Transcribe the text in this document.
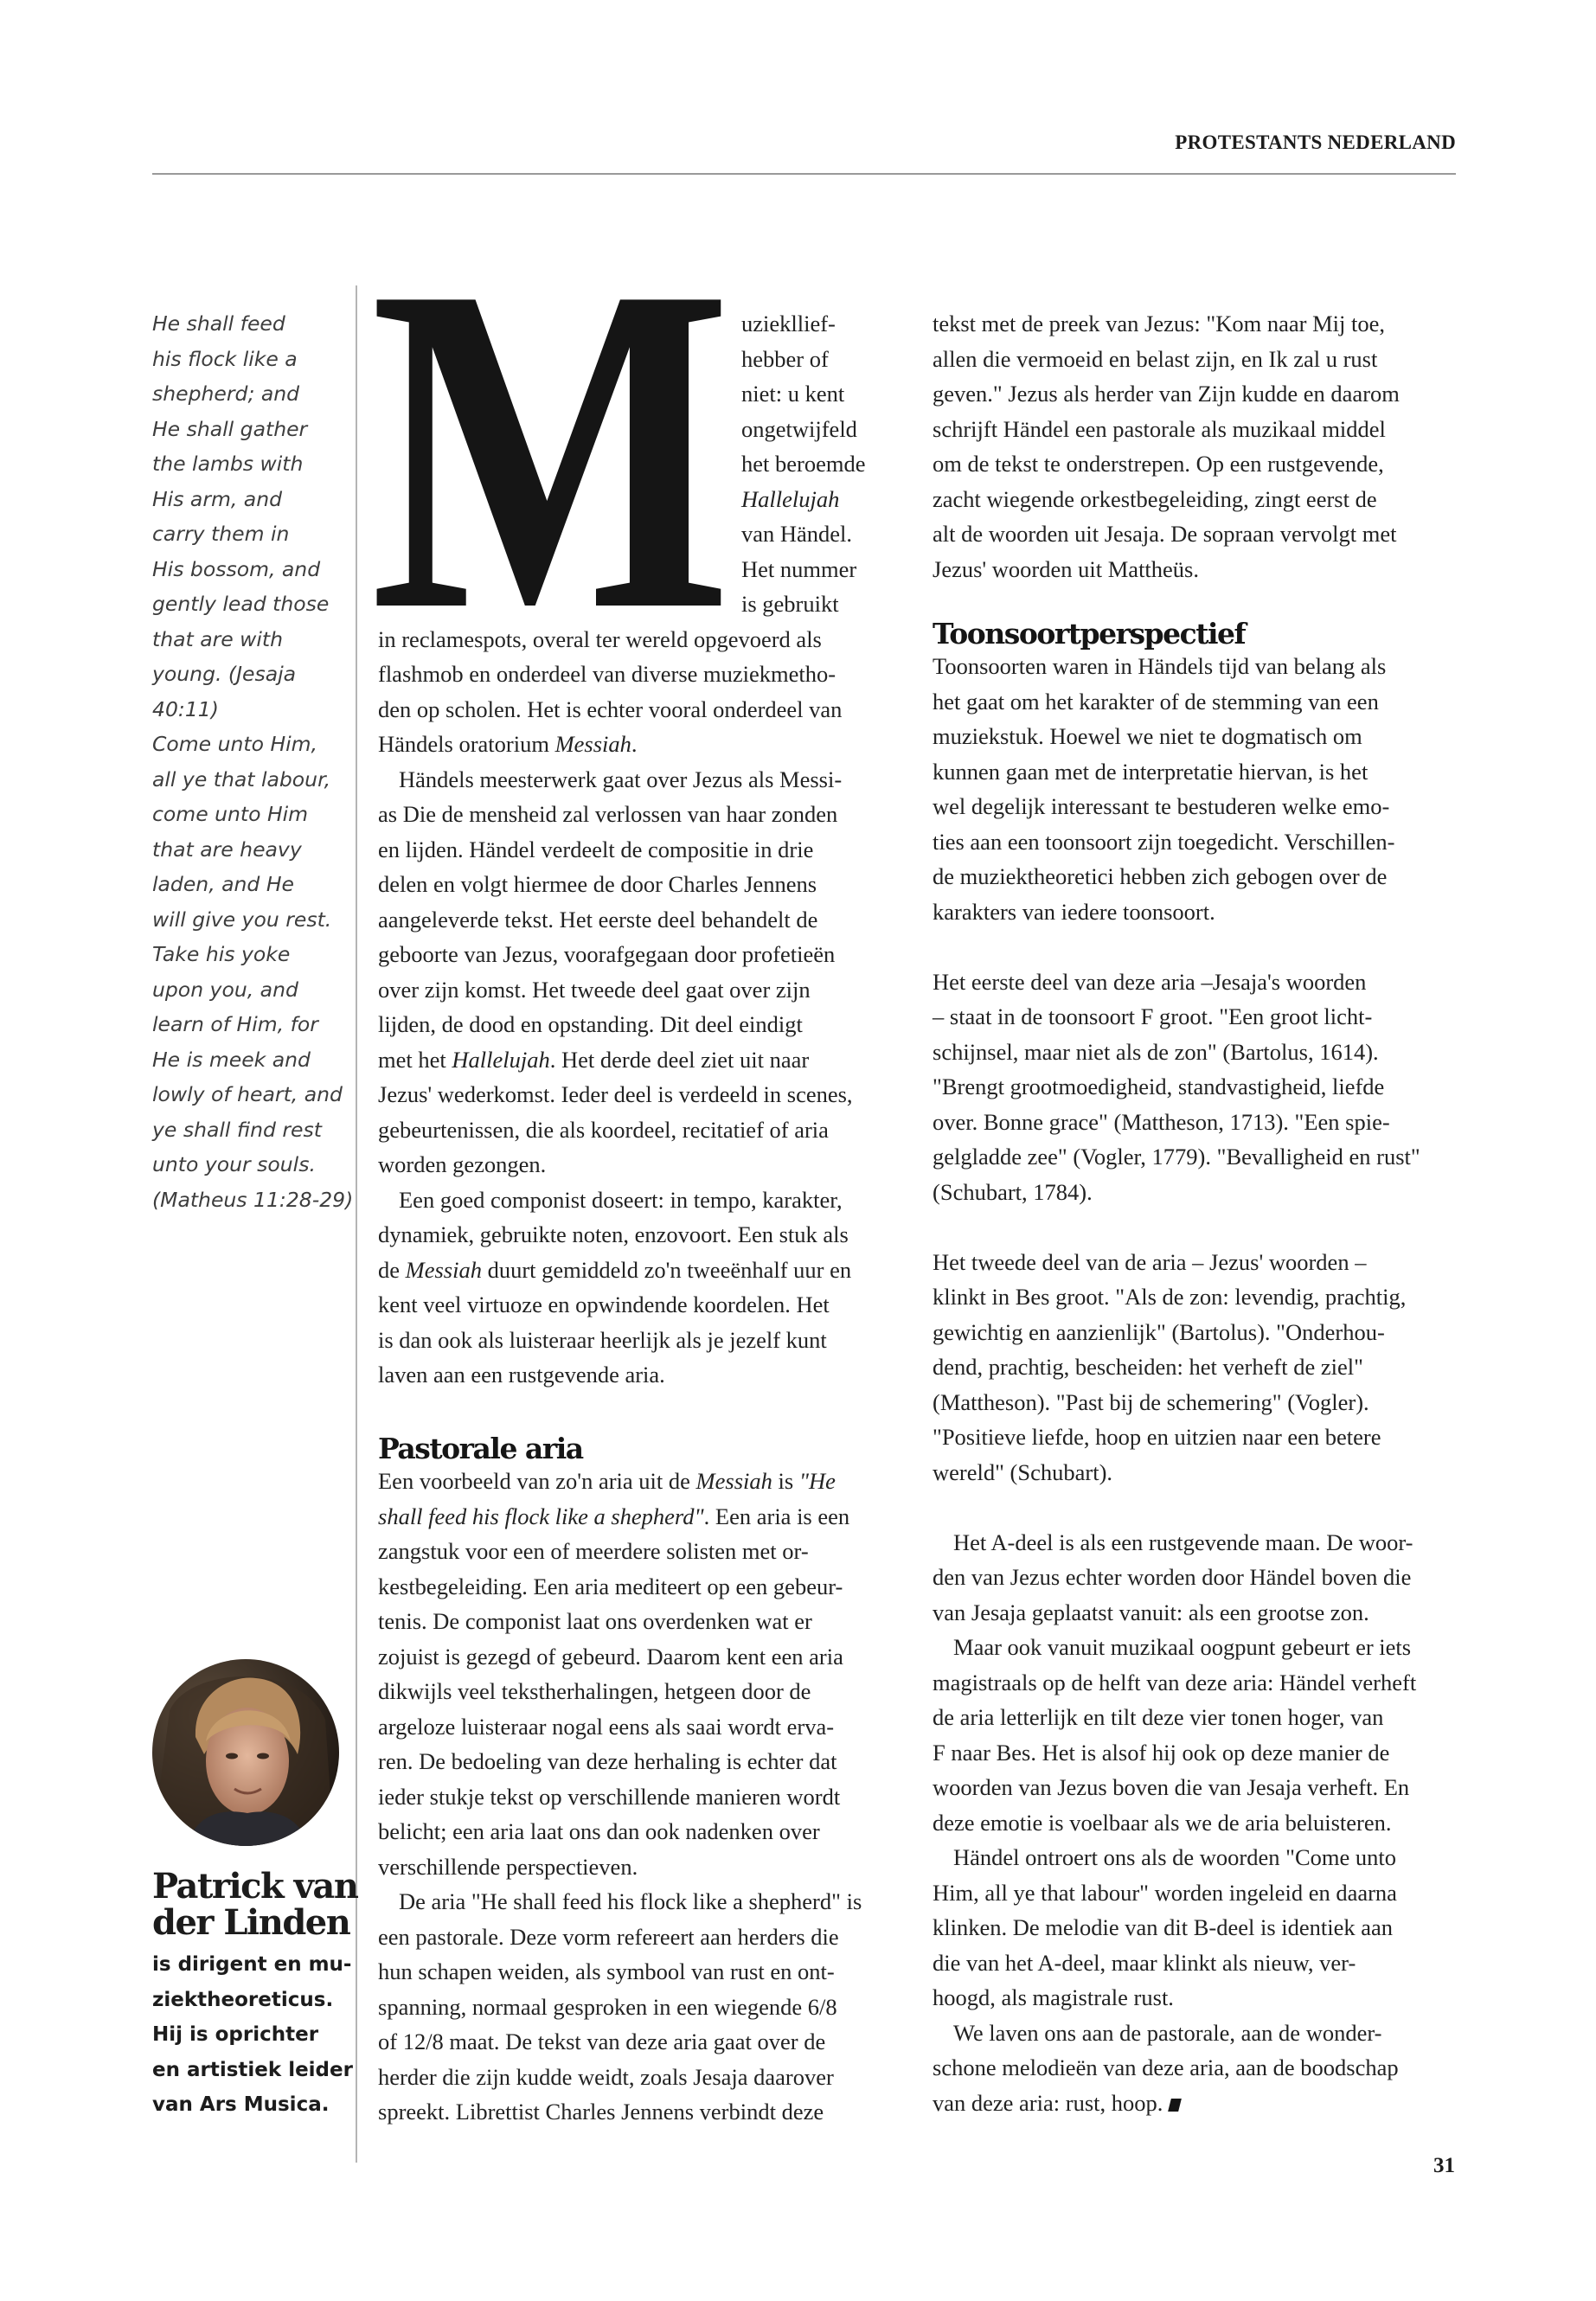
PROTESTANTS NEDERLAND
He shall feed
his flock like a
shepherd; and
He shall gather
the lambs with
His arm, and
carry them in
His bossom, and
gently lead those
that are with
young. (Jesaja
40:11)
Come unto Him,
all ye that labour,
come unto Him
that are heavy
laden, and He
will give you rest.
Take his yoke
upon you, and
learn of Him, for
He is meek and
lowly of heart, and
ye shall find rest
unto your souls.
(Matheus 11:28-29)
Patrick van
der Linden
is dirigent en mu-
ziektheoreticus.
Hij is oprichter
en artistiek leider
van Ars Musica.
M uziekllief-
hebber of
niet: u kent
ongetwijfeld
het beroemde
Hallelujah
van Händel.
Het nummer
is gebruikt
in reclamespots, overal ter wereld opgevoerd als
flashmob en onderdeel van diverse muziekmetho-
den op scholen. Het is echter vooral onderdeel van
Händels oratorium Messiah.
Händels meesterwerk gaat over Jezus als Messi-
as Die de mensheid zal verlossen van haar zonden
en lijden. Händel verdeelt de compositie in drie
delen en volgt hiermee de door Charles Jennens
aangeleverde tekst. Het eerste deel behandelt de
geboorte van Jezus, voorafgegaan door profetieën
over zijn komst. Het tweede deel gaat over zijn
lijden, de dood en opstanding. Dit deel eindigt
met het Hallelujah. Het derde deel ziet uit naar
Jezus' wederkomst. Ieder deel is verdeeld in scenes,
gebeurtenissen, die als koordeel, recitatief of aria
worden gezongen.
Een goed componist doseert: in tempo, karakter,
dynamiek, gebruikte noten, enzovoort. Een stuk als
de Messiah duurt gemiddeld zo'n tweeënhalf uur en
kent veel virtuoze en opwindende koordelen. Het
is dan ook als luisteraar heerlijk als je jezelf kunt
laven aan een rustgevende aria.
Pastorale aria
Een voorbeeld van zo'n aria uit de Messiah is "He
shall feed his flock like a shepherd". Een aria is een
zangstuk voor een of meerdere solisten met or-
kestbegeleiding. Een aria mediteert op een gebeur-
tenis. De componist laat ons overdenken wat er
zojuist is gezegd of gebeurd. Daarom kent een aria
dikwijls veel tekstherhalingen, hetgeen door de
argeloze luisteraar nogal eens als saai wordt erva-
ren. De bedoeling van deze herhaling is echter dat
ieder stukje tekst op verschillende manieren wordt
belicht; een aria laat ons dan ook nadenken over
verschillende perspectieven.
De aria "He shall feed his flock like a shepherd" is
een pastorale. Deze vorm refereert aan herders die
hun schapen weiden, als symbool van rust en ont-
spanning, normaal gesproken in een wiegende 6/8
of 12/8 maat. De tekst van deze aria gaat over de
herder die zijn kudde weidt, zoals Jesaja daarover
spreekt. Librettist Charles Jennens verbindt deze
tekst met de preek van Jezus: "Kom naar Mij toe,
allen die vermoeid en belast zijn, en Ik zal u rust
geven." Jezus als herder van Zijn kudde en daarom
schrijft Händel een pastorale als muzikaal middel
om de tekst te onderstrepen. Op een rustgevende,
zacht wiegende orkestbegeleiding, zingt eerst de
alt de woorden uit Jesaja. De sopraan vervolgt met
Jezus' woorden uit Mattheüs.
Toonsoortperspectief
Toonsoorten waren in Händels tijd van belang als
het gaat om het karakter of de stemming van een
muziekstuk. Hoewel we niet te dogmatisch om
kunnen gaan met de interpretatie hiervan, is het
wel degelijk interessant te bestuderen welke emo-
ties aan een toonsoort zijn toegedicht. Verschillen-
de muziektheoretici hebben zich gebogen over de
karakters van iedere toonsoort.
Het eerste deel van deze aria –Jesaja's woorden
– staat in de toonsoort F groot. "Een groot licht-
schijnsel, maar niet als de zon" (Bartolus, 1614).
"Brengt grootmoedigheid, standvastigheid, liefde
over. Bonne grace" (Mattheson, 1713). "Een spie-
gelgladde zee" (Vogler, 1779). "Bevalligheid en rust"
(Schubart, 1784).
Het tweede deel van de aria – Jezus' woorden –
klinkt in Bes groot. "Als de zon: levendig, prachtig,
gewichtig en aanzienlijk" (Bartolus). "Onderhou-
dend, prachtig, bescheiden: het verheft de ziel"
(Mattheson). "Past bij de schemering" (Vogler).
"Positieve liefde, hoop en uitzien naar een betere
wereld" (Schubart).
Het A-deel is als een rustgevende maan. De woor-
den van Jezus echter worden door Händel boven die
van Jesaja geplaatst vanuit: als een grootse zon.
Maar ook vanuit muzikaal oogpunt gebeurt er iets
magistraals op de helft van deze aria: Händel verheft
de aria letterlijk en tilt deze vier tonen hoger, van
F naar Bes. Het is alsof hij ook op deze manier de
woorden van Jezus boven die van Jesaja verheft. En
deze emotie is voelbaar als we de aria beluisteren.
Händel ontroert ons als de woorden "Come unto
Him, all ye that labour" worden ingeleid en daarna
klinken. De melodie van dit B-deel is identiek aan
die van het A-deel, maar klinkt als nieuw, ver-
hoogd, als magistrale rust.
We laven ons aan de pastorale, aan de wonder-
schone melodieën van deze aria, aan de boodschap
van deze aria: rust, hoop.
31
